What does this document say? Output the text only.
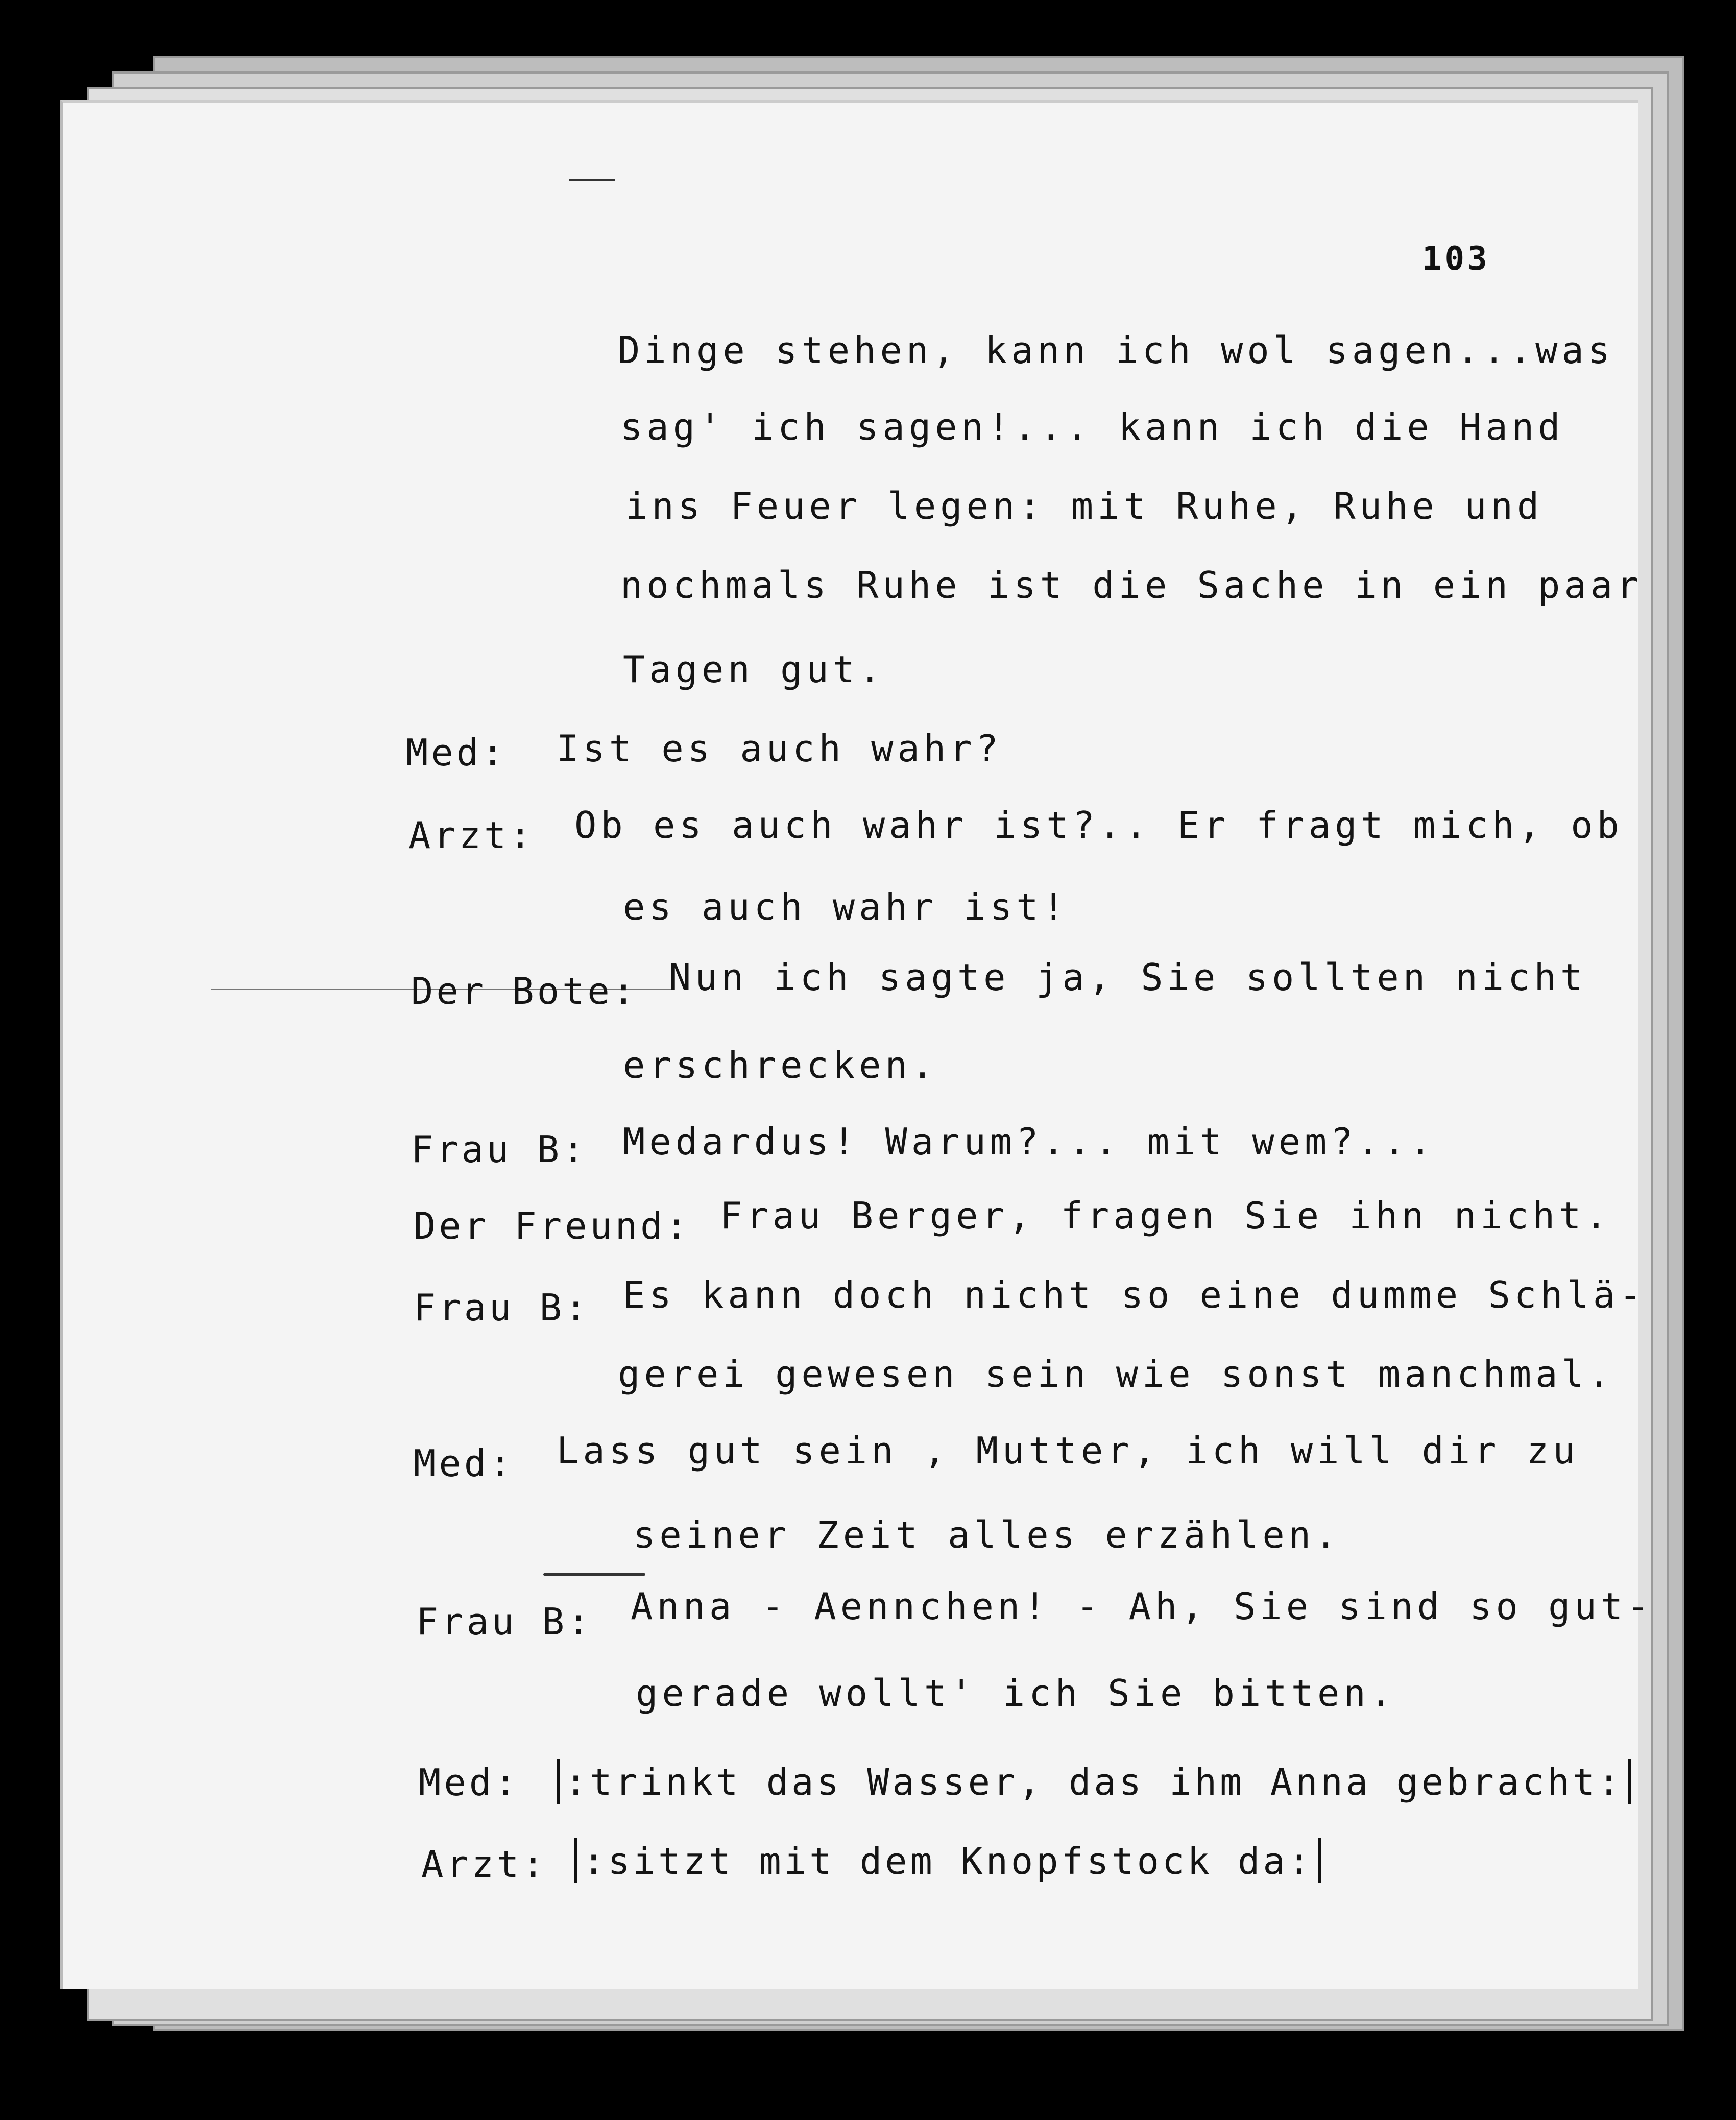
103
Dinge stehen, kann ich wol sagen...was
sag' ich sagen!... kann ich die Hand
ins Feuer legen: mit Ruhe, Ruhe und
nochmals Ruhe ist die Sache in ein paar
Tagen gut.
Med: Ist es auch wahr?
Arzt: Ob es auch wahr ist?.. Er fragt mich, ob
es auch wahr ist!
Der Bote: Nun ich sagte ja, Sie sollten nicht
erschrecken.
Frau B: Medardus! Warum?... mit wem?...
Der Freund: Frau Berger, fragen Sie ihn nicht.
Frau B: Es kann doch nicht so eine dumme Schlä-
gerei gewesen sein wie sonst manchmal.
Med: Lass gut sein , Mutter, ich will dir zu
seiner Zeit alles erzählen.
Frau B: Anna - Aennchen! - Ah, Sie sind so gut-
gerade wollt' ich Sie bitten.
Med:	:trinkt das Wasser, das ihm Anna gebracht:
Arzt: :sitzt mit dem Knopfstock da:
